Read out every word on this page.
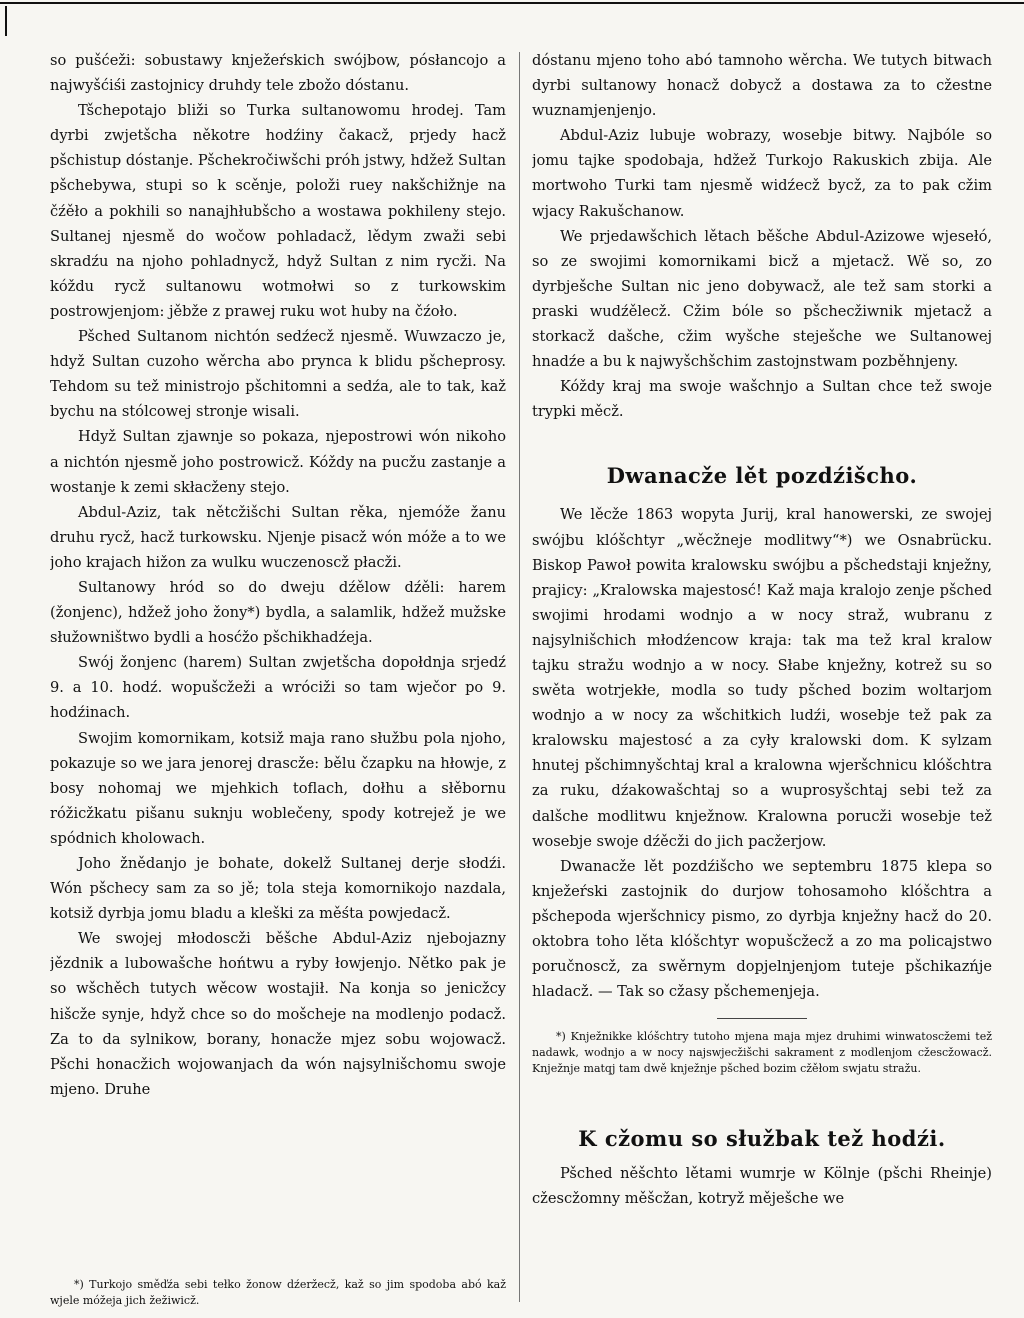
so pušćeži: sobustawy knježeŕskich swójbow, pósłancojo a najwyšćiśi zastojnicy druhdy tele zbožo dóstanu.

Tšchepotajo bliži so Turka sultanowomu hrodej. Tam dyrbi zwjetšcha někotre hodźiny čakacž, prjedy hacž pšchistup dóstanje. Pšchekročiwšchi próh jstwy, hdžež Sultan pšchebywa, stupi so k scěnje, položi ruey nakšchižnje na čźěło a pokhili so nanajhłubšcho a wostawa pokhileny stejo. Sultanej njesmě do wočow pohladacž, lědym zwaži sebi skradźu na njoho pohladnycž, hdyž Sultan z nim rycži. Na kóždu rycž sultanowu wotmołwi so z turkowskim postrowjenjom: jěbže z prawej ruku wot huby na čźoło.

Pšched Sultanom nichtón sedźecž njesmě. Wuwzaczo je, hdyž Sultan cuzoho wěrcha abo prynca k blidu pšcheprosy. Tehdom su tež ministrojo pšchitomni a sedźa, ale to tak, kaž bychu na stólcowej stronje wisali.

Hdyž Sultan zjawnje so pokaza, njepostrowi wón nikoho a nichtón njesmě joho postrowicž. Kóždy na pucžu zastanje a wostanje k zemi skłacženy stejo.

Abdul-Aziz, tak nětcžišchi Sultan rěka, njemóže žanu druhu rycž, hacž turkowsku. Njenje pisacž wón móže a to we joho krajach hižon za wulku wuczenoscž płacži.

Sultanowy hród so do dweju dźělow dźěli: harem (žonjenc), hdžež joho žony*) bydla, a salamlik, hdžež mužske słužowništwo bydli a hosćžo pšchikhadźeja.

Swój žonjenc (harem) Sultan zwjetšcha dopołdnja srjedź 9. a 10. hodź. wopušcžeži a wróciži so tam wječor po 9. hodźinach.

Swojim komornikam, kotsiž maja rano słužbu pola njoho, pokazuje so we jara jenorej drascže: bělu čzapku na hłowje, z bosy nohomaj we mjehkich toflach, dołhu a słěbornu róžicžkatu pišanu suknju woblečeny, spody kotrejež je we spódnich kholowach.

Joho žnědanjo je bohate, dokelž Sultanej derje słodźi. Wón pšchecy sam za so jě; tola steja komornikojo nazdala, kotsiž dyrbja jomu bladu a kleški za měśta powjedacž.

We swojej młodoscži běšche Abdul-Aziz njebojazny jězdnik a lubowašche hońtwu a ryby łowjenjo. Nětko pak je so wšchěch tutych wěcow wostajił. Na konja so jenicžcy hišcže synje, hdyž chce so do mošcheje na modlenjo podacž. Za to da sylnikow, borany, honacže mjez sobu wojowacž. Pšchi honacžich wojowanjach da wón najsylnišchomu swoje mjeno. Druhe

*) Turkojo směďźa sebi tełko žonow dźeržecž, kaž so jim spodoba abó kaž wjele móžeja jich žežiwicž.

dóstanu mjeno toho abó tamnoho wěrcha. We tutych bitwach dyrbi sultanowy honacž dobycž a dostawa za to cžestne wuznamjenjenjo.

Abdul-Aziz lubuje wobrazy, wosebje bitwy. Najbóle so jomu tajke spodobaja, hdžež Turkojo Rakuskich zbija. Ale mortwoho Turki tam njesmě widźecž bycž, za to pak cžim wjacy Rakušchanow.

We prjedawšchich lětach běšche Abdul-Azizowe wjesełó, so ze swojimi komornikami bicž a mjetacž. Wě so, zo dyrbješche Sultan nic jeno dobywacž, ale tež sam storki a praski wudźělecž. Cžim bóle so pšchecžiwnik mjetacž a storkacž dašche, cžim wyšche steješche we Sultanowej hnadźe a bu k najwyšchšchim zastojnstwam pozběhnjeny.

Kóždy kraj ma swoje wašchnjo a Sultan chce tež swoje trypki měcž.

Dwanacže lět pozdźišcho.

We lěcže 1863 wopyta Jurij, kral hanowerski, ze swojej swójbu klóšchtyr „wěcžneje modlitwy“*) we Osnabrücku. Biskop Pawoł powita kralowsku swójbu a pšchedstaji knježny, prajicy: „Kralowska majestosć! Kaž maja kralojo zenje pšched swojimi hrodami wodnjo a w nocy straž, wubranu z najsylnišchich młodźencow kraja: tak ma tež kral kralow tajku stražu wodnjo a w nocy. Słabe knježny, kotrež su so swěta wotrjekłe, modla so tudy pšched bozim woltarjom wodnjo a w nocy za wšchitkich ludźi, wosebje tež pak za kralowsku majestosć a za cyły kralowski dom. K sylzam hnutej pšchimnyšchtaj kral a kralowna wjeršchnicu klóšchtra za ruku, dźakowašchtaj so a wuprosyšchtaj sebi tež za dalšche modlitwu knježnow. Kralowna porucži wosebje tež wosebje swoje dźěcži do jich pacžerjow.

Dwanacže lět pozdźišcho we septembru 1875 klepa so knježeŕski zastojnik do durjow tohosamoho klóšchtra a pšchepoda wjeršchnicy pismo, zo dyrbja knježny hacž do 20. oktobra toho lěta klóšchtyr wopušcžecž a zo ma policajstwo poručnoscž, za swěrnym dopjelnjenjom tuteje pšchikazńje hladacž. — Tak so cžasy pšchemenjeja.

*) Knježnikke klóšchtry tutoho mjena maja mjez druhimi winwatoscžemi tež nadawk, wodnjo a w nocy najswjecžišchi sakrament z modlenjom cžescžowacž. Knježnje matqj tam dwě knježnje pšched bozim cžěłom swjatu stražu.
K cžomu so słužbak tež hodźi.

Pšched něšchto lětami wumrje w Kölnje (pšchi Rheinje) cžescžomny měšcžan, kotryž měješche we
